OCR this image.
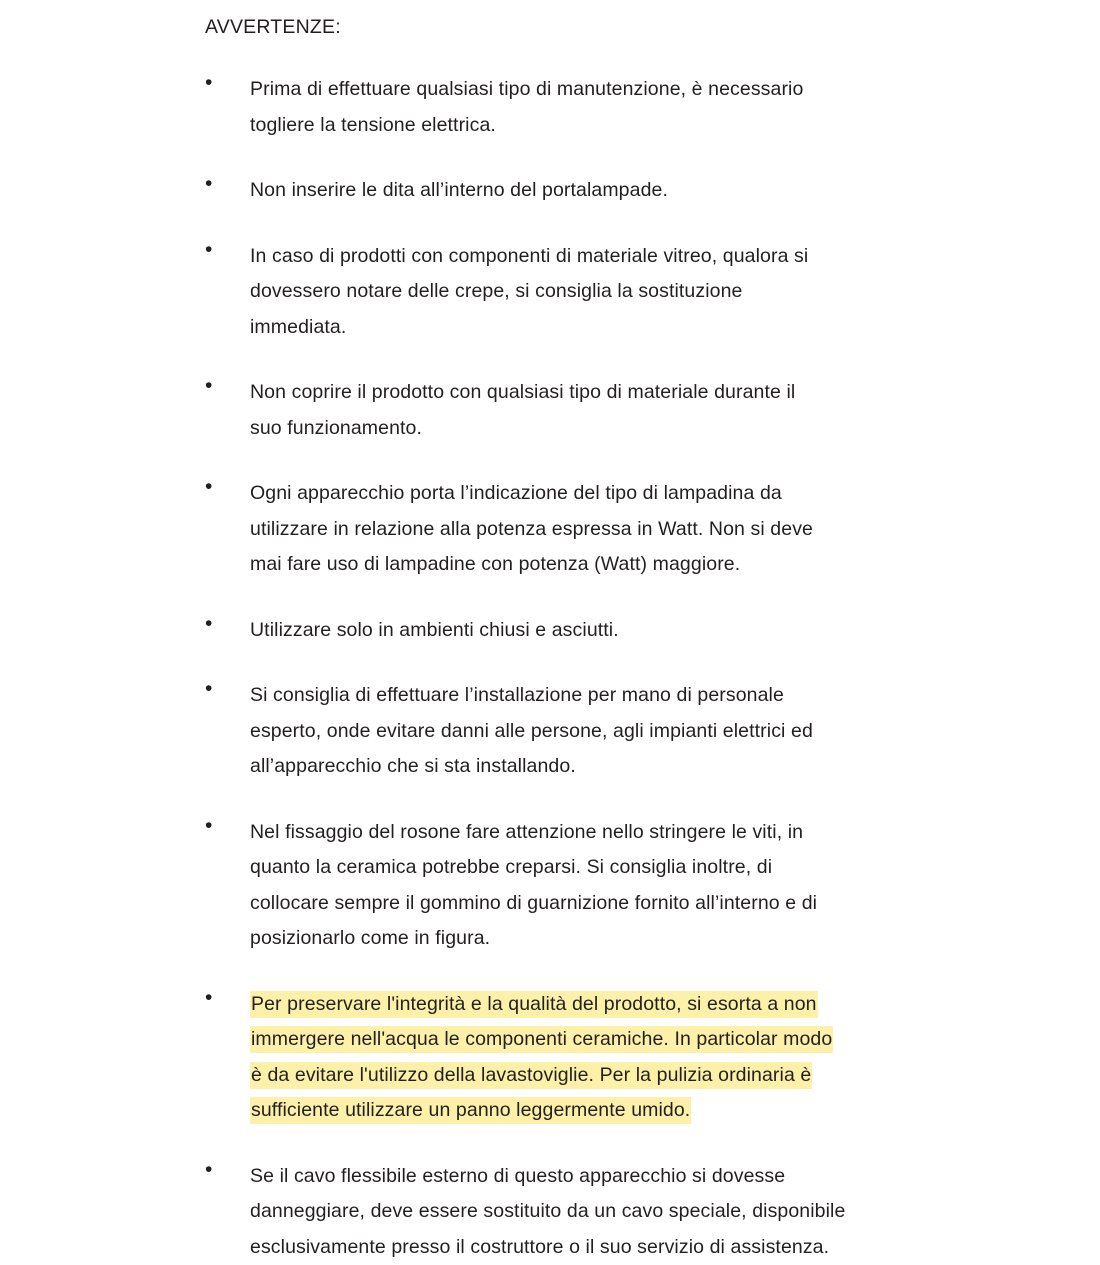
AVVERTENZE:
•	Prima di effettuare qualsiasi tipo di manutenzione, è necessario
togliere la tensione elettrica.
•	Non inserire le dita all’interno del portalampade.
•	In caso di prodotti con componenti di materiale vitreo, qualora si
dovessero notare delle crepe, si consiglia la sostituzione
immediata.
•	Non coprire il prodotto con qualsiasi tipo di materiale durante il
suo funzionamento.
•	Ogni apparecchio porta l’indicazione del tipo di lampadina da
utilizzare in relazione alla potenza espressa in Watt. Non si deve
mai fare uso di lampadine con potenza (Watt) maggiore.
•	Utilizzare solo in ambienti chiusi e asciutti.
•	Si consiglia di effettuare l’installazione per mano di personale
esperto, onde evitare danni alle persone, agli impianti elettrici ed
all’apparecchio che si sta installando.
•	Nel fissaggio del rosone fare attenzione nello stringere le viti, in
quanto la ceramica potrebbe creparsi. Si consiglia inoltre, di
collocare sempre il gommino di guarnizione fornito all’interno e di
posizionarlo come in figura.
•	Per preservare l'integrità e la qualità del prodotto, si esorta a non
immergere nell'acqua le componenti ceramiche. In particolar modo
è da evitare l'utilizzo della lavastoviglie. Per la pulizia ordinaria è
sufficiente utilizzare un panno leggermente umido.
•	Se il cavo flessibile esterno di questo apparecchio si dovesse
danneggiare, deve essere sostituito da un cavo speciale, disponibile
esclusivamente presso il costruttore o il suo servizio di assistenza.
